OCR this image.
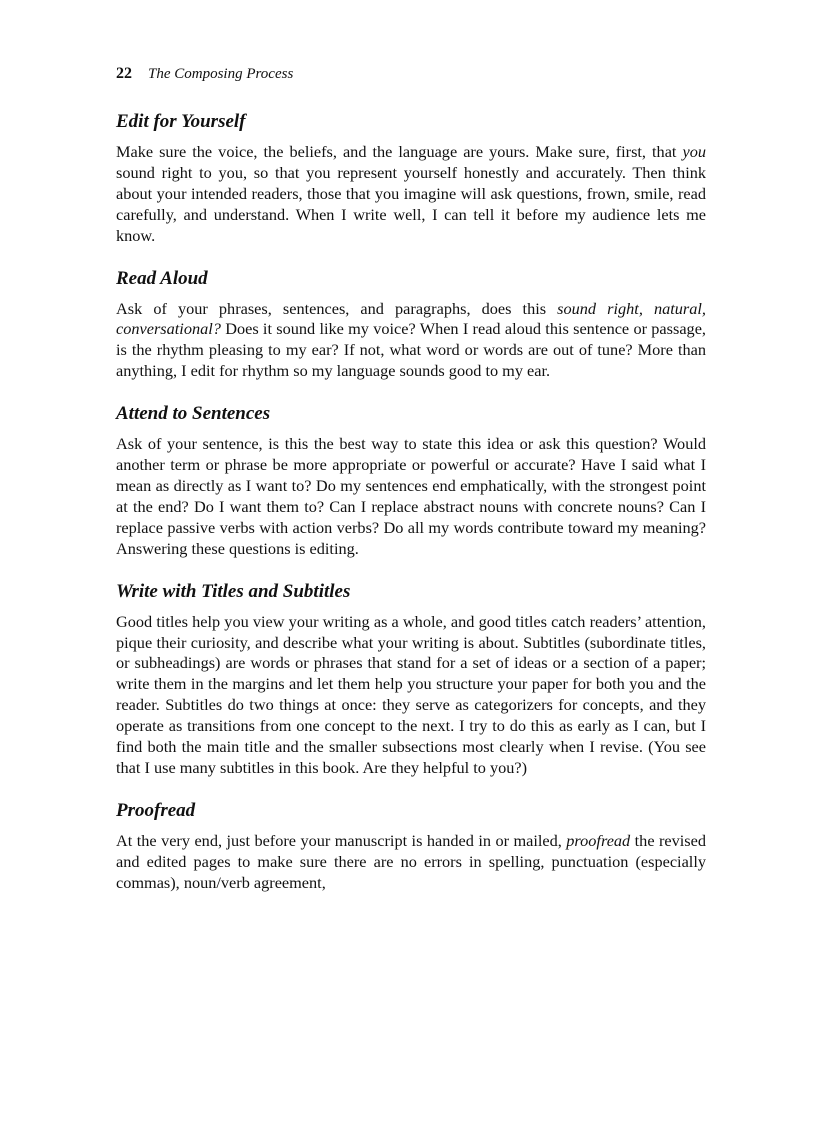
22 The Composing Process
Edit for Yourself

Make sure the voice, the beliefs, and the language are yours. Make sure, first, that you sound right to you, so that you represent yourself honestly and accurately. Then think about your intended readers, those that you imagine will ask questions, frown, smile, read carefully, and understand. When I write well, I can tell it before my audience lets me know.

Read Aloud

Ask of your phrases, sentences, and paragraphs, does this sound right, natural, conversational? Does it sound like my voice? When I read aloud this sentence or passage, is the rhythm pleasing to my ear? If not, what word or words are out of tune? More than anything, I edit for rhythm so my language sounds good to my ear.

Attend to Sentences

Ask of your sentence, is this the best way to state this idea or ask this question? Would another term or phrase be more appropriate or powerful or accurate? Have I said what I mean as directly as I want to? Do my sentences end emphatically, with the strongest point at the end? Do I want them to? Can I replace abstract nouns with concrete nouns? Can I replace passive verbs with action verbs? Do all my words contribute toward my meaning? Answering these questions is editing.

Write with Titles and Subtitles

Good titles help you view your writing as a whole, and good titles catch readers’ attention, pique their curiosity, and describe what your writing is about. Subtitles (subordinate titles, or subheadings) are words or phrases that stand for a set of ideas or a section of a paper; write them in the margins and let them help you structure your paper for both you and the reader. Subtitles do two things at once: they serve as categorizers for concepts, and they operate as transitions from one concept to the next. I try to do this as early as I can, but I find both the main title and the smaller subsections most clearly when I revise. (You see that I use many subtitles in this book. Are they helpful to you?)

Proofread

At the very end, just before your manuscript is handed in or mailed, proofread the revised and edited pages to make sure there are no errors in spelling, punctuation (especially commas), noun/verb agreement,
